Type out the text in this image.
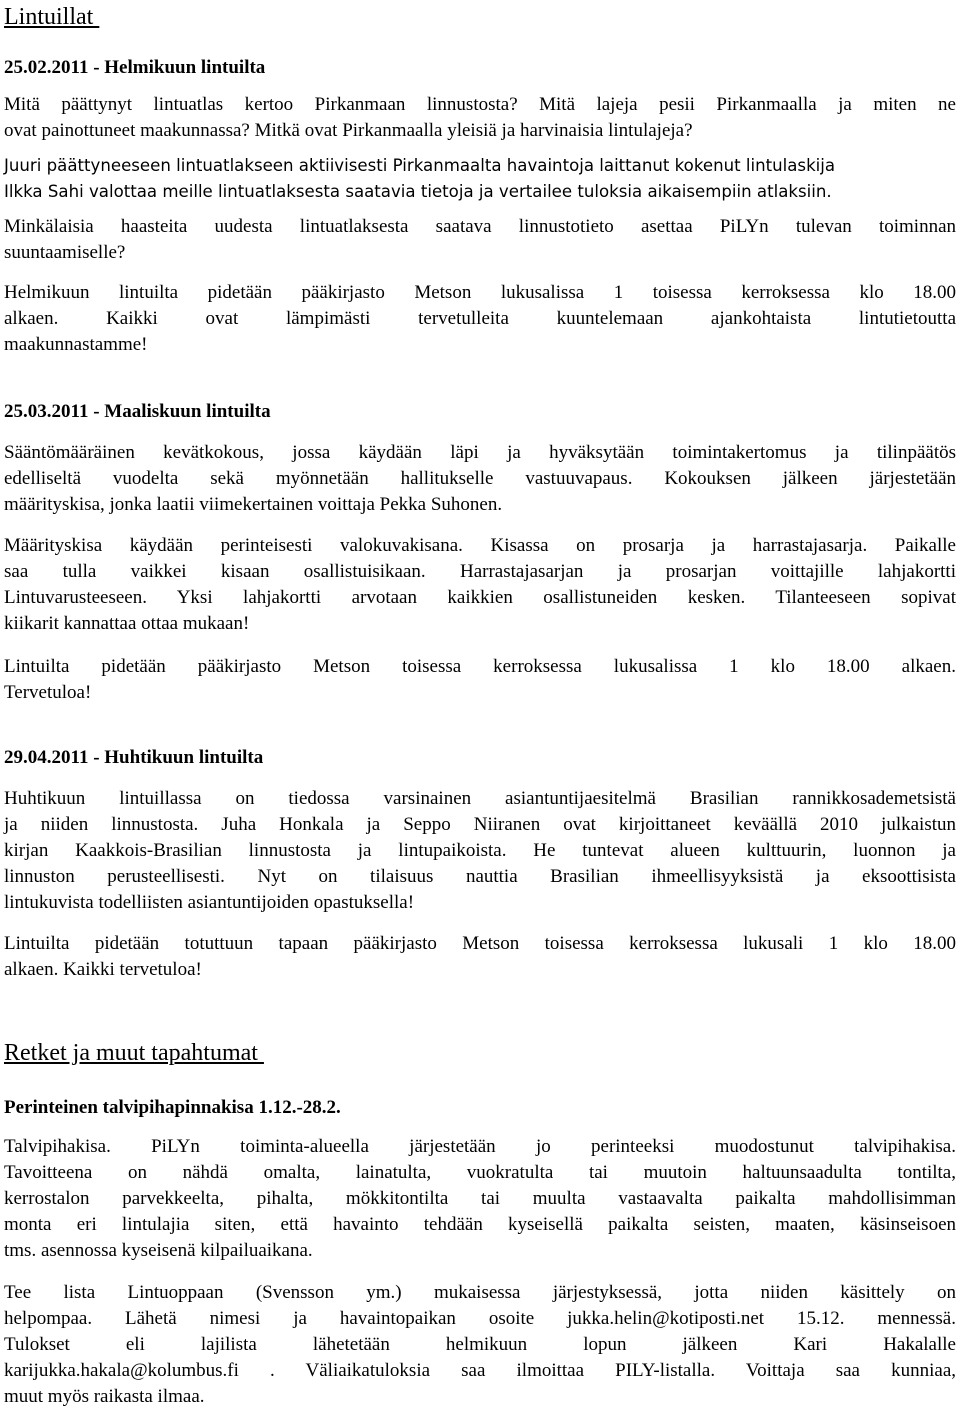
Lintuillat
25.02.2011 - Helmikuun lintuilta

Mitä päättynyt lintuatlas kertoo Pirkanmaan linnustosta? Mitä lajeja pesii Pirkanmaalla ja miten ne
ovat painottuneet maakunnassa? Mitkä ovat Pirkanmaalla yleisiä ja harvinaisia lintulajeja?

Juuri päättyneeseen lintuatlakseen aktiivisesti Pirkanmaalta havaintoja laittanut kokenut lintulaskija
Ilkka Sahi valottaa meille lintuatlaksesta saatavia tietoja ja vertailee tuloksia aikaisempiin atlaksiin.

Minkälaisia haasteita uudesta lintuatlaksesta saatava linnustotieto asettaa PiLYn tulevan toiminnan
suuntaamiselle?

Helmikuun lintuilta pidetään pääkirjasto Metson lukusalissa 1 toisessa kerroksessa klo 18.00
alkaen. Kaikki ovat lämpimästi tervetulleita kuuntelemaan ajankohtaista lintutietoutta
maakunnastamme!

25.03.2011 - Maaliskuun lintuilta

Sääntömääräinen kevätkokous, jossa käydään läpi ja hyväksytään toimintakertomus ja tilinpäätös
edelliseltä vuodelta sekä myönnetään hallitukselle vastuuvapaus. Kokouksen jälkeen järjestetään
määrityskisa, jonka laatii viimekertainen voittaja Pekka Suhonen.

Määrityskisa käydään perinteisesti valokuvakisana. Kisassa on prosarja ja harrastajasarja. Paikalle
saa tulla vaikkei kisaan osallistuisikaan. Harrastajasarjan ja prosarjan voittajille lahjakortti
Lintuvarusteeseen. Yksi lahjakortti arvotaan kaikkien osallistuneiden kesken. Tilanteeseen sopivat
kiikarit kannattaa ottaa mukaan!

Lintuilta pidetään pääkirjasto Metson toisessa kerroksessa lukusalissa 1 klo 18.00 alkaen.
Tervetuloa!

29.04.2011 - Huhtikuun lintuilta

Huhtikuun lintuillassa on tiedossa varsinainen asiantuntijaesitelmä Brasilian rannikkosademetsistä
ja niiden linnustosta. Juha Honkala ja Seppo Niiranen ovat kirjoittaneet keväällä 2010 julkaistun
kirjan Kaakkois-Brasilian linnustosta ja lintupaikoista. He tuntevat alueen kulttuurin, luonnon ja
linnuston perusteellisesti. Nyt on tilaisuus nauttia Brasilian ihmeellisyyksistä ja eksoottisista
lintukuvista todelliisten asiantuntijoiden opastuksella!

Lintuilta pidetään totuttuun tapaan pääkirjasto Metson toisessa kerroksessa lukusali 1 klo 18.00
alkaen. Kaikki tervetuloa!

Retket ja muut tapahtumat
Perinteinen talvipihapinnakisa 1.12.-28.2.

Talvipihakisa. PiLYn toiminta-alueella järjestetään jo perinteeksi muodostunut talvipihakisa.
Tavoitteena on nähdä omalta, lainatulta, vuokratulta tai muutoin haltuunsaadulta tontilta,
kerrostalon parvekkeelta, pihalta, mökkitontilta tai muulta vastaavalta paikalta mahdollisimman
monta eri lintulajia siten, että havainto tehdään kyseisellä paikalta seisten, maaten, käsinseisoen
tms. asennossa kyseisenä kilpailuaikana.

Tee lista Lintuoppaan (Svensson ym.) mukaisessa järjestyksessä, jotta niiden käsittely on
helpompaa. Lähetä nimesi ja havaintopaikan osoite jukka.helin@kotiposti.net 15.12. mennessä.
Tulokset eli lajilista lähetetään helmikuun lopun jälkeen Kari Hakalalle
karijukka.hakala@kolumbus.fi . Väliaikatuloksia saa ilmoittaa PILY-listalla. Voittaja saa kunniaa,
muut myös raikasta ilmaa.
